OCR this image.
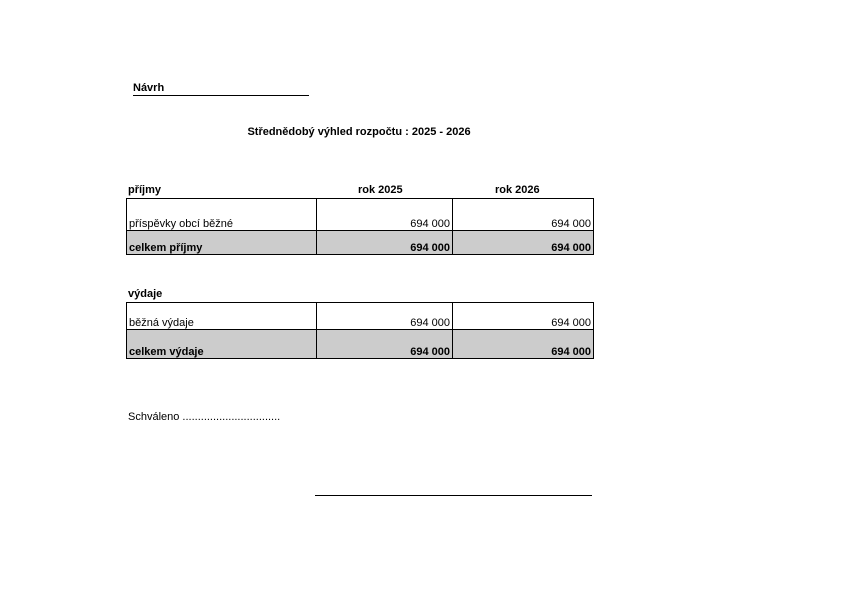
Návrh
Střednědobý výhled rozpočtu : 2025 - 2026
příjmy	rok 2025	rok 2026
příspěvky obcí běžné	694 000	694 000
celkem příjmy	694 000	694 000
výdaje
běžná výdaje	694 000	694 000
celkem výdaje	694 000	694 000
Schváleno ................................
